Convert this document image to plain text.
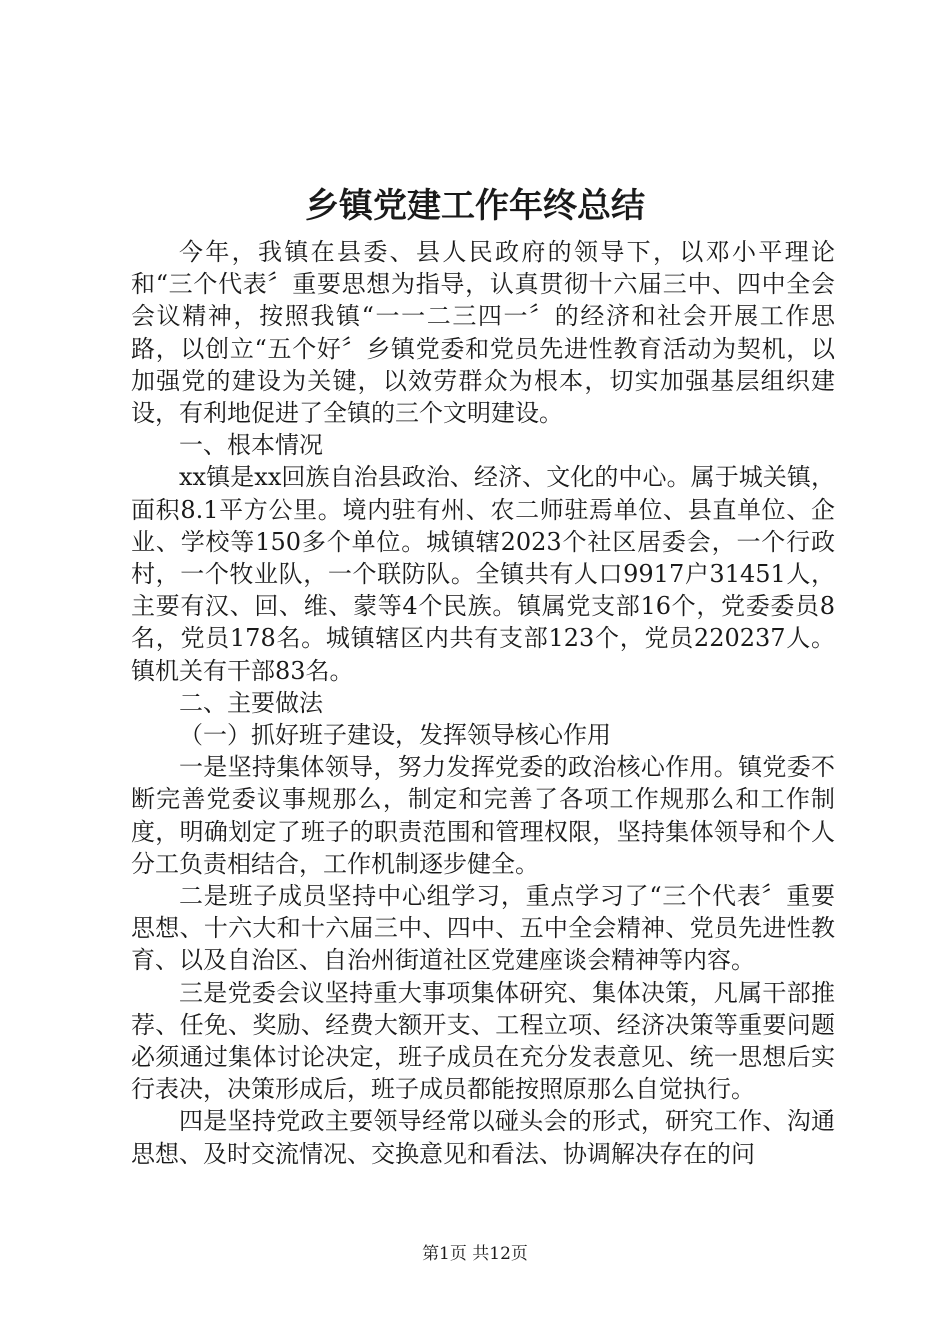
乡镇党建工作年终总结

今年，我镇在县委、县人民政府的领导下，以邓小平理论和“三个代表〞重要思想为指导，认真贯彻十六届三中、四中全会会议精神，按照我镇“一一二三四一〞的经济和社会开展工作思路，以创立“五个好〞乡镇党委和党员先进性教育活动为契机，以加强党的建设为关键，以效劳群众为根本，切实加强基层组织建设，有利地促进了全镇的三个文明建设。

一、根本情况

xx镇是xx回族自治县政治、经济、文化的中心。属于城关镇，面积8.1平方公里。境内驻有州、农二师驻焉单位、县直单位、企业、学校等150多个单位。城镇辖2023个社区居委会，一个行政村，一个牧业队，一个联防队。全镇共有人口9917户31451人，主要有汉、回、维、蒙等4个民族。镇属党支部16个，党委委员8名，党员178名。城镇辖区内共有支部123个，党员220237人。镇机关有干部83名。

二、主要做法

（一）抓好班子建设，发挥领导核心作用

一是坚持集体领导，努力发挥党委的政治核心作用。镇党委不断完善党委议事规那么，制定和完善了各项工作规那么和工作制度，明确划定了班子的职责范围和管理权限，坚持集体领导和个人分工负责相结合，工作机制逐步健全。

二是班子成员坚持中心组学习，重点学习了“三个代表〞重要思想、十六大和十六届三中、四中、五中全会精神、党员先进性教育、以及自治区、自治州街道社区党建座谈会精神等内容。

三是党委会议坚持重大事项集体研究、集体决策，凡属干部推荐、任免、奖励、经费大额开支、工程立项、经济决策等重要问题必须通过集体讨论决定，班子成员在充分发表意见、统一思想后实行表决，决策形成后，班子成员都能按照原那么自觉执行。

四是坚持党政主要领导经常以碰头会的形式，研究工作、沟通思想、及时交流情况、交换意见和看法、协调解决存在的问

第1页 共12页
